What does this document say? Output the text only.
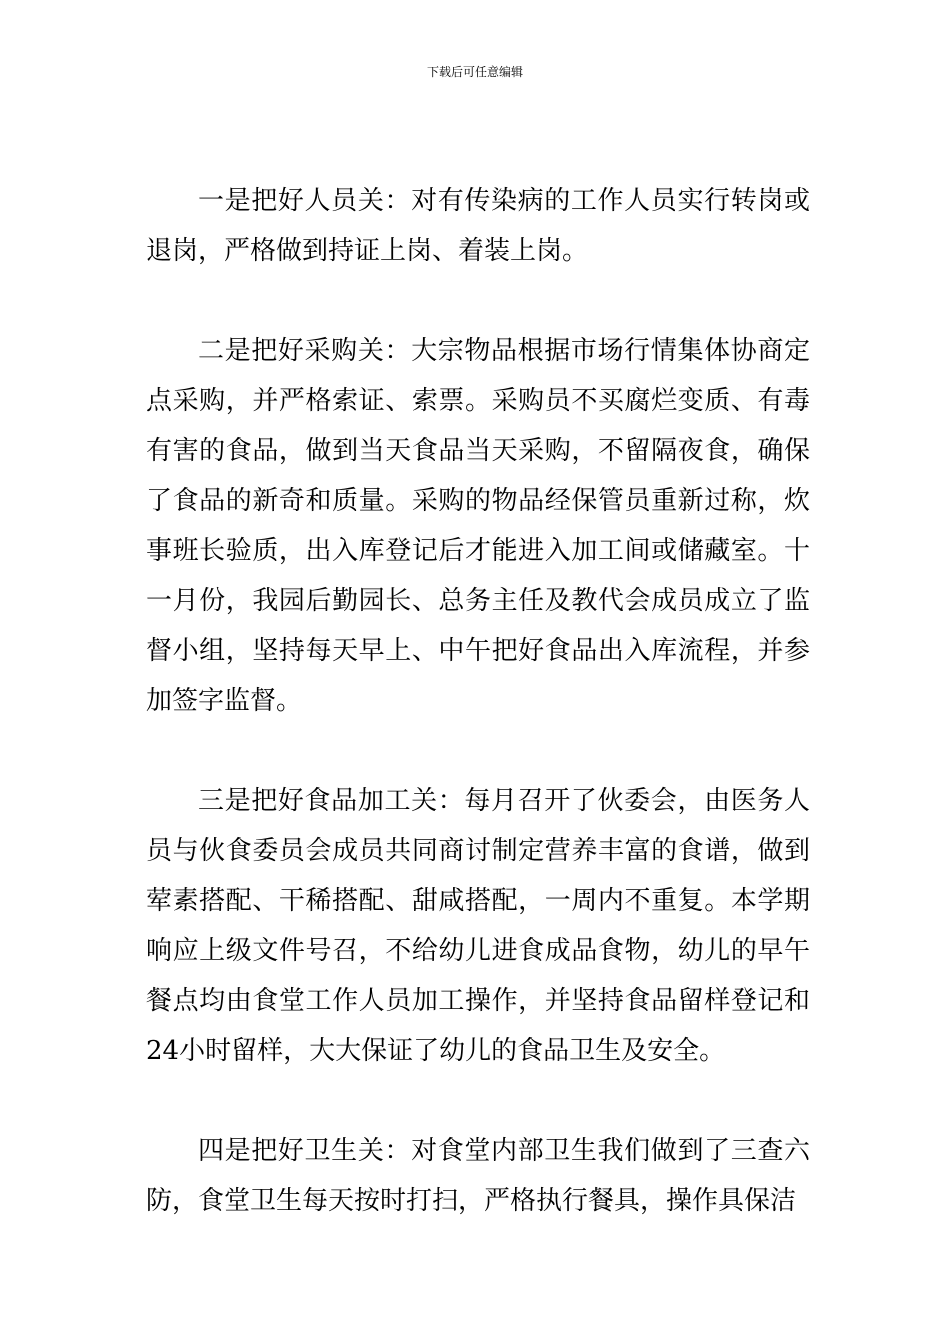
下载后可任意编辑

一是把好人员关：对有传染病的工作人员实行转岗或退岗，严格做到持证上岗、着装上岗。

二是把好采购关：大宗物品根据市场行情集体协商定点采购，并严格索证、索票。采购员不买腐烂变质、有毒有害的食品，做到当天食品当天采购，不留隔夜食，确保了食品的新奇和质量。采购的物品经保管员重新过称，炊事班长验质，出入库登记后才能进入加工间或储藏室。十一月份，我园后勤园长、总务主任及教代会成员成立了监督小组，坚持每天早上、中午把好食品出入库流程，并参加签字监督。

三是把好食品加工关：每月召开了伙委会，由医务人员与伙食委员会成员共同商讨制定营养丰富的食谱，做到荤素搭配、干稀搭配、甜咸搭配，一周内不重复。本学期响应上级文件号召，不给幼儿进食成品食物，幼儿的早午餐点均由食堂工作人员加工操作，并坚持食品留样登记和24小时留样，大大保证了幼儿的食品卫生及安全。

四是把好卫生关：对食堂内部卫生我们做到了三查六防，食堂卫生每天按时打扫，严格执行餐具，操作具保洁
